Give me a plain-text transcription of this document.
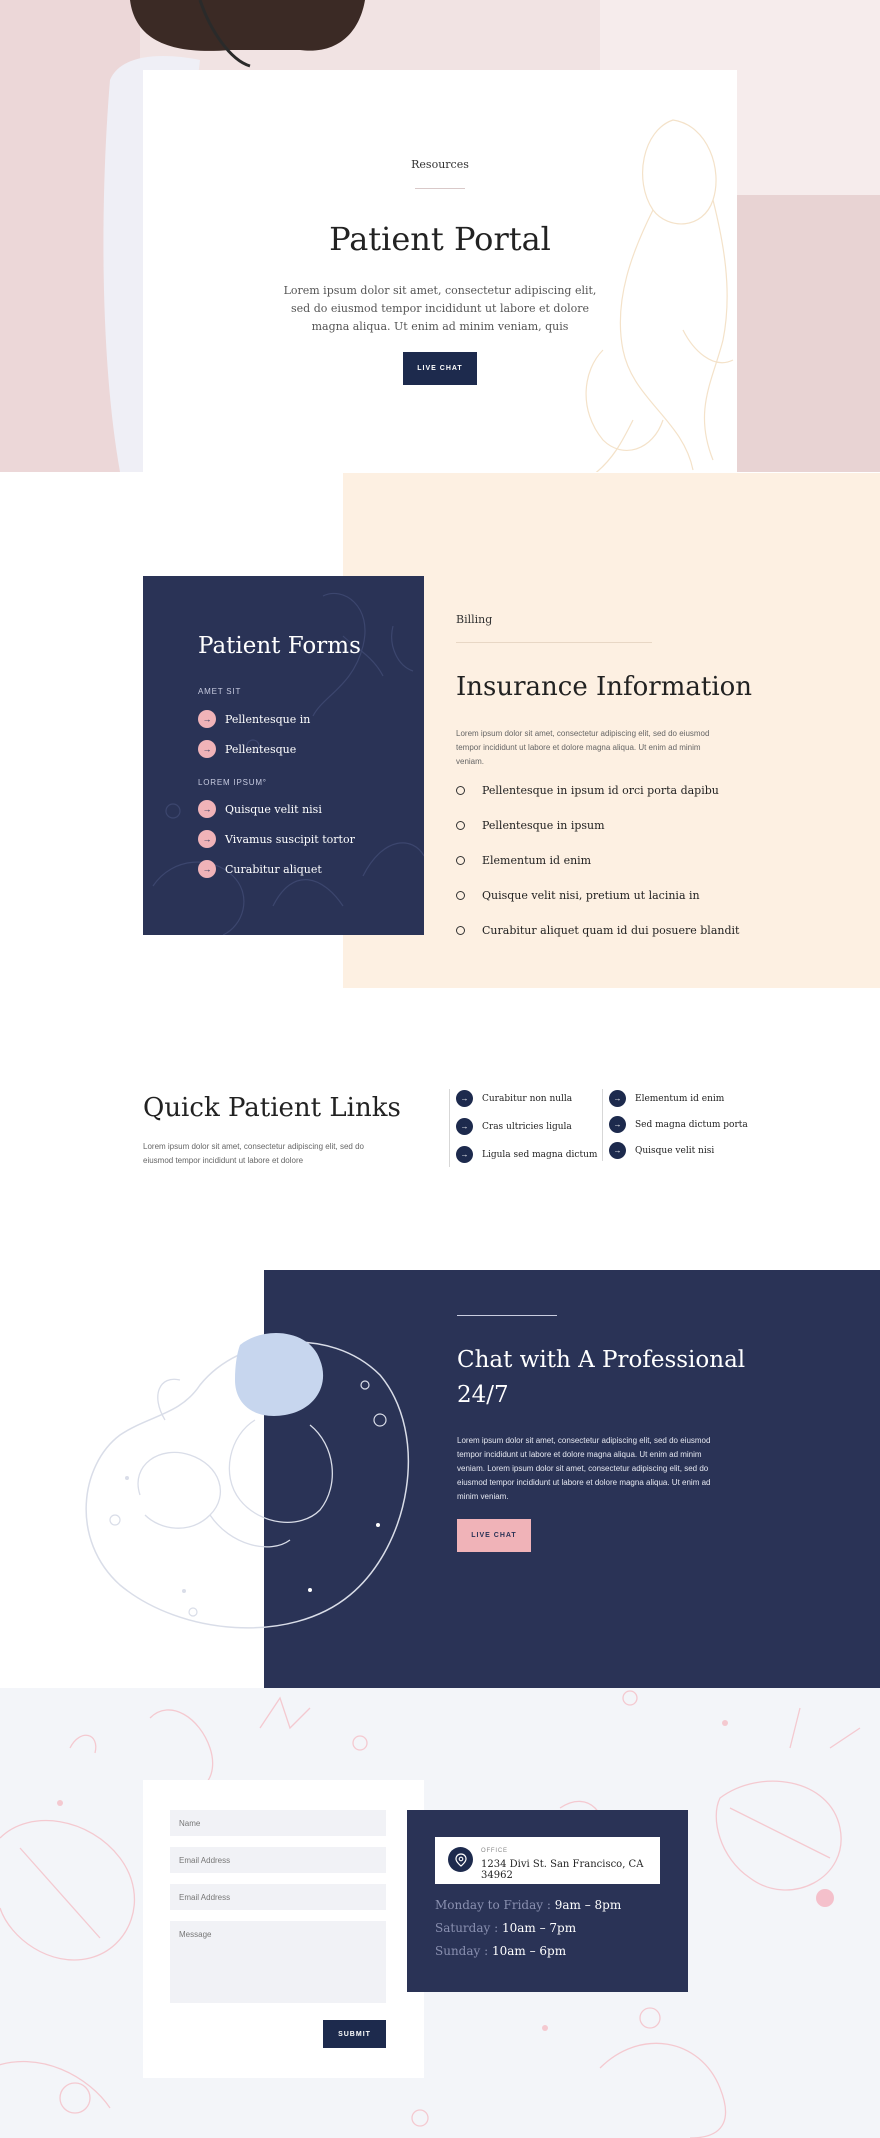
Resources
Patient Portal

Lorem ipsum dolor sit amet, consectetur adipiscing elit, sed do eiusmod tempor incididunt ut labore et dolore magna aliqua. Ut enim ad minim veniam, quis

LIVE CHAT
Patient Forms
AMET SIT
→	Pellentesque in
→	Pellentesque
LOREM IPSUM°
→	Quisque velit nisi
→	Vivamus suscipit tortor
→	Curabitur aliquet
Billing
Insurance Information

Lorem ipsum dolor sit amet, consectetur adipiscing elit, sed do eiusmod tempor incididunt ut labore et dolore magna aliqua. Ut enim ad minim veniam.

Pellentesque in ipsum id orci porta dapibu
Pellentesque in ipsum
Elementum id enim
Quisque velit nisi, pretium ut lacinia in
Curabitur aliquet quam id dui posuere blandit
Quick Patient Links

Lorem ipsum dolor sit amet, consectetur adipiscing elit, sed do eiusmod tempor incididunt ut labore et dolore

→	Curabitur non nulla
→	Cras ultricies ligula
→	Ligula sed magna dictum
→	Elementum id enim
→	Sed magna dictum porta
→	Quisque velit nisi
Chat with A Professional 24/7

Lorem ipsum dolor sit amet, consectetur adipiscing elit, sed do eiusmod tempor incididunt ut labore et dolore magna aliqua. Ut enim ad minim veniam. Lorem ipsum dolor sit amet, consectetur adipiscing elit, sed do eiusmod tempor incididunt ut labore et dolore magna aliqua. Ut enim ad minim veniam.

LIVE CHAT
Name
Email Address
Email Address
Message
SUBMIT
OFFICE
1234 Divi St. San Francisco, CA 34962
Monday to Friday : 9am – 8pm
Saturday : 10am – 7pm
Sunday : 10am – 6pm
